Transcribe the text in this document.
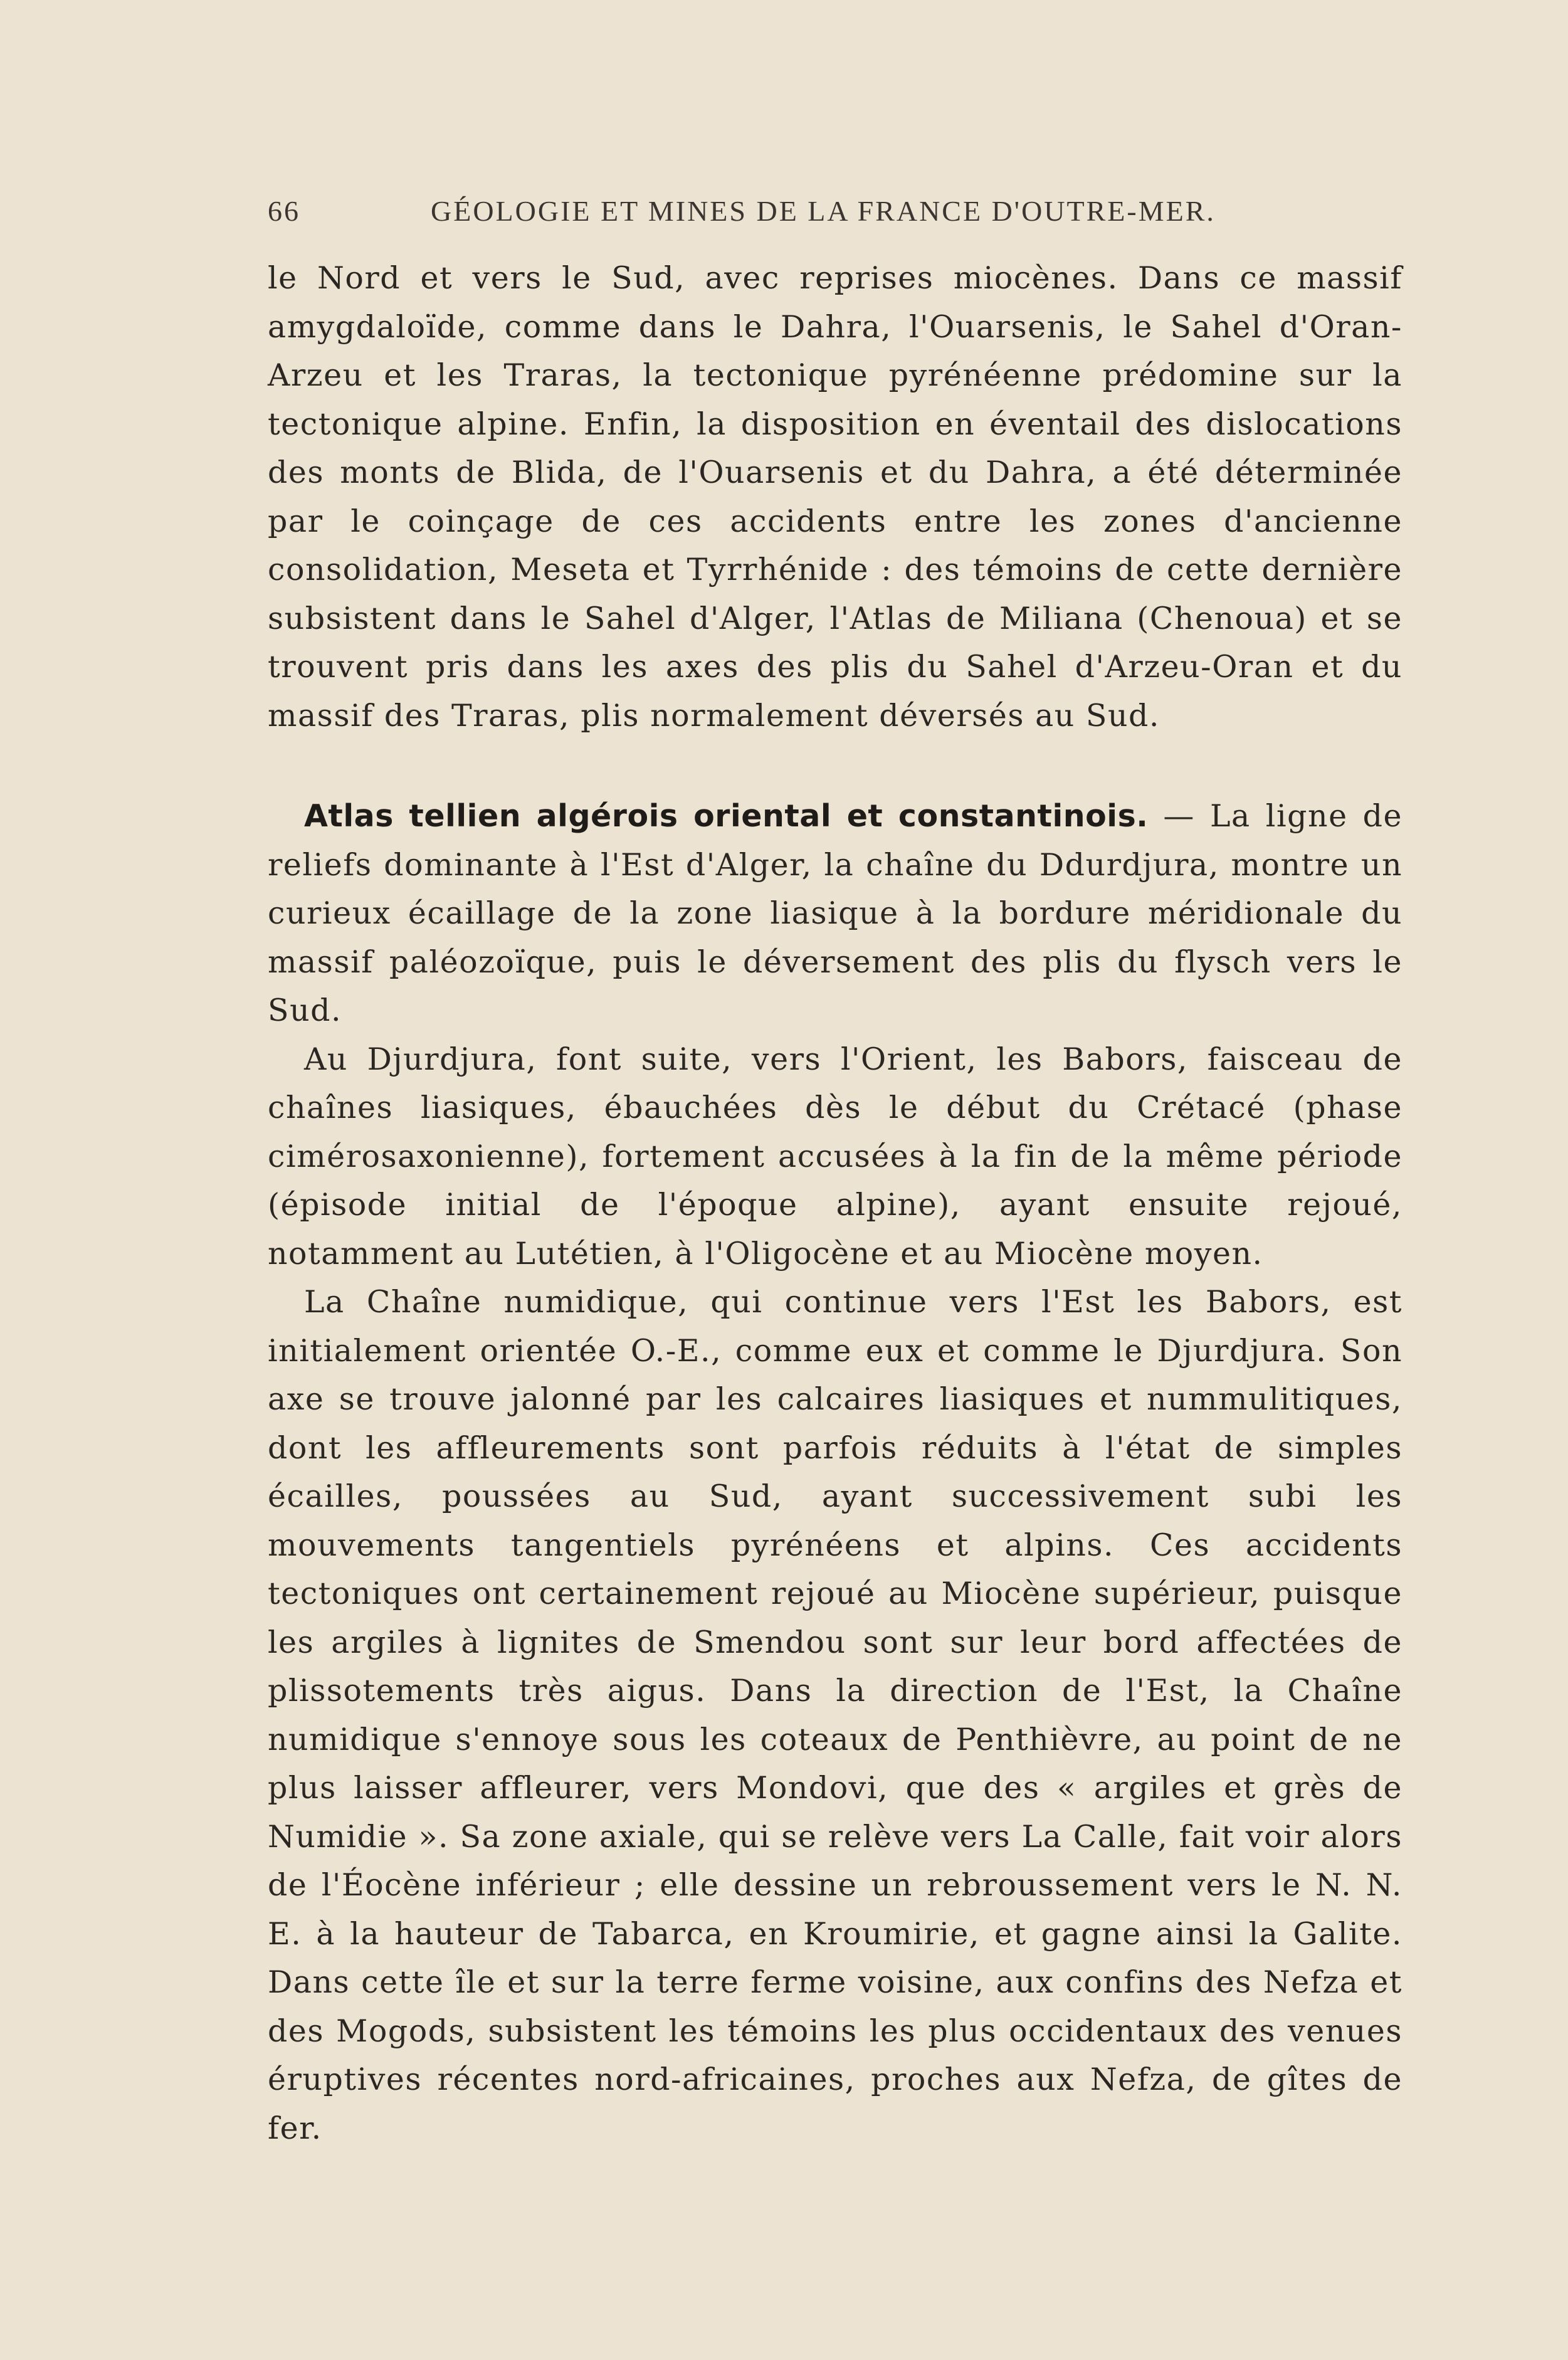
66	GÉOLOGIE ET MINES DE LA FRANCE D'OUTRE-MER.

le Nord et vers le Sud, avec reprises miocènes. Dans ce massif amygdaloïde, comme dans le Dahra, l'Ouarsenis, le Sahel d'Oran-Arzeu et les Traras, la tectonique pyrénéenne prédomine sur la tectonique alpine. Enfin, la disposition en éventail des dislocations des monts de Blida, de l'Ouarsenis et du Dahra, a été déterminée par le coinçage de ces accidents entre les zones d'ancienne consolidation, Meseta et Tyrrhénide : des témoins de cette dernière subsistent dans le Sahel d'Alger, l'Atlas de Miliana (Chenoua) et se trouvent pris dans les axes des plis du Sahel d'Arzeu-Oran et du massif des Traras, plis normalement déversés au Sud.

Atlas tellien algérois oriental et constantinois. — La ligne de reliefs dominante à l'Est d'Alger, la chaîne du Ddurdjura, montre un curieux écaillage de la zone liasique à la bordure méridionale du massif paléozoïque, puis le déversement des plis du flysch vers le Sud.

Au Djurdjura, font suite, vers l'Orient, les Babors, faisceau de chaînes liasiques, ébauchées dès le début du Crétacé (phase cimérosaxonienne), fortement accusées à la fin de la même période (épisode initial de l'époque alpine), ayant ensuite rejoué, notamment au Lutétien, à l'Oligocène et au Miocène moyen.

La Chaîne numidique, qui continue vers l'Est les Babors, est initialement orientée O.-E., comme eux et comme le Djurdjura. Son axe se trouve jalonné par les calcaires liasiques et nummulitiques, dont les affleurements sont parfois réduits à l'état de simples écailles, poussées au Sud, ayant successivement subi les mouvements tangentiels pyrénéens et alpins. Ces accidents tectoniques ont certainement rejoué au Miocène supérieur, puisque les argiles à lignites de Smendou sont sur leur bord affectées de plissotements très aigus. Dans la direction de l'Est, la Chaîne numidique s'ennoye sous les coteaux de Penthièvre, au point de ne plus laisser affleurer, vers Mondovi, que des « argiles et grès de Numidie ». Sa zone axiale, qui se relève vers La Calle, fait voir alors de l'Éocène inférieur ; elle dessine un rebroussement vers le N. N. E. à la hauteur de Tabarca, en Kroumirie, et gagne ainsi la Galite. Dans cette île et sur la terre ferme voisine, aux confins des Nefza et des Mogods, subsistent les témoins les plus occidentaux des venues éruptives récentes nord-africaines, proches aux Nefza, de gîtes de fer.
